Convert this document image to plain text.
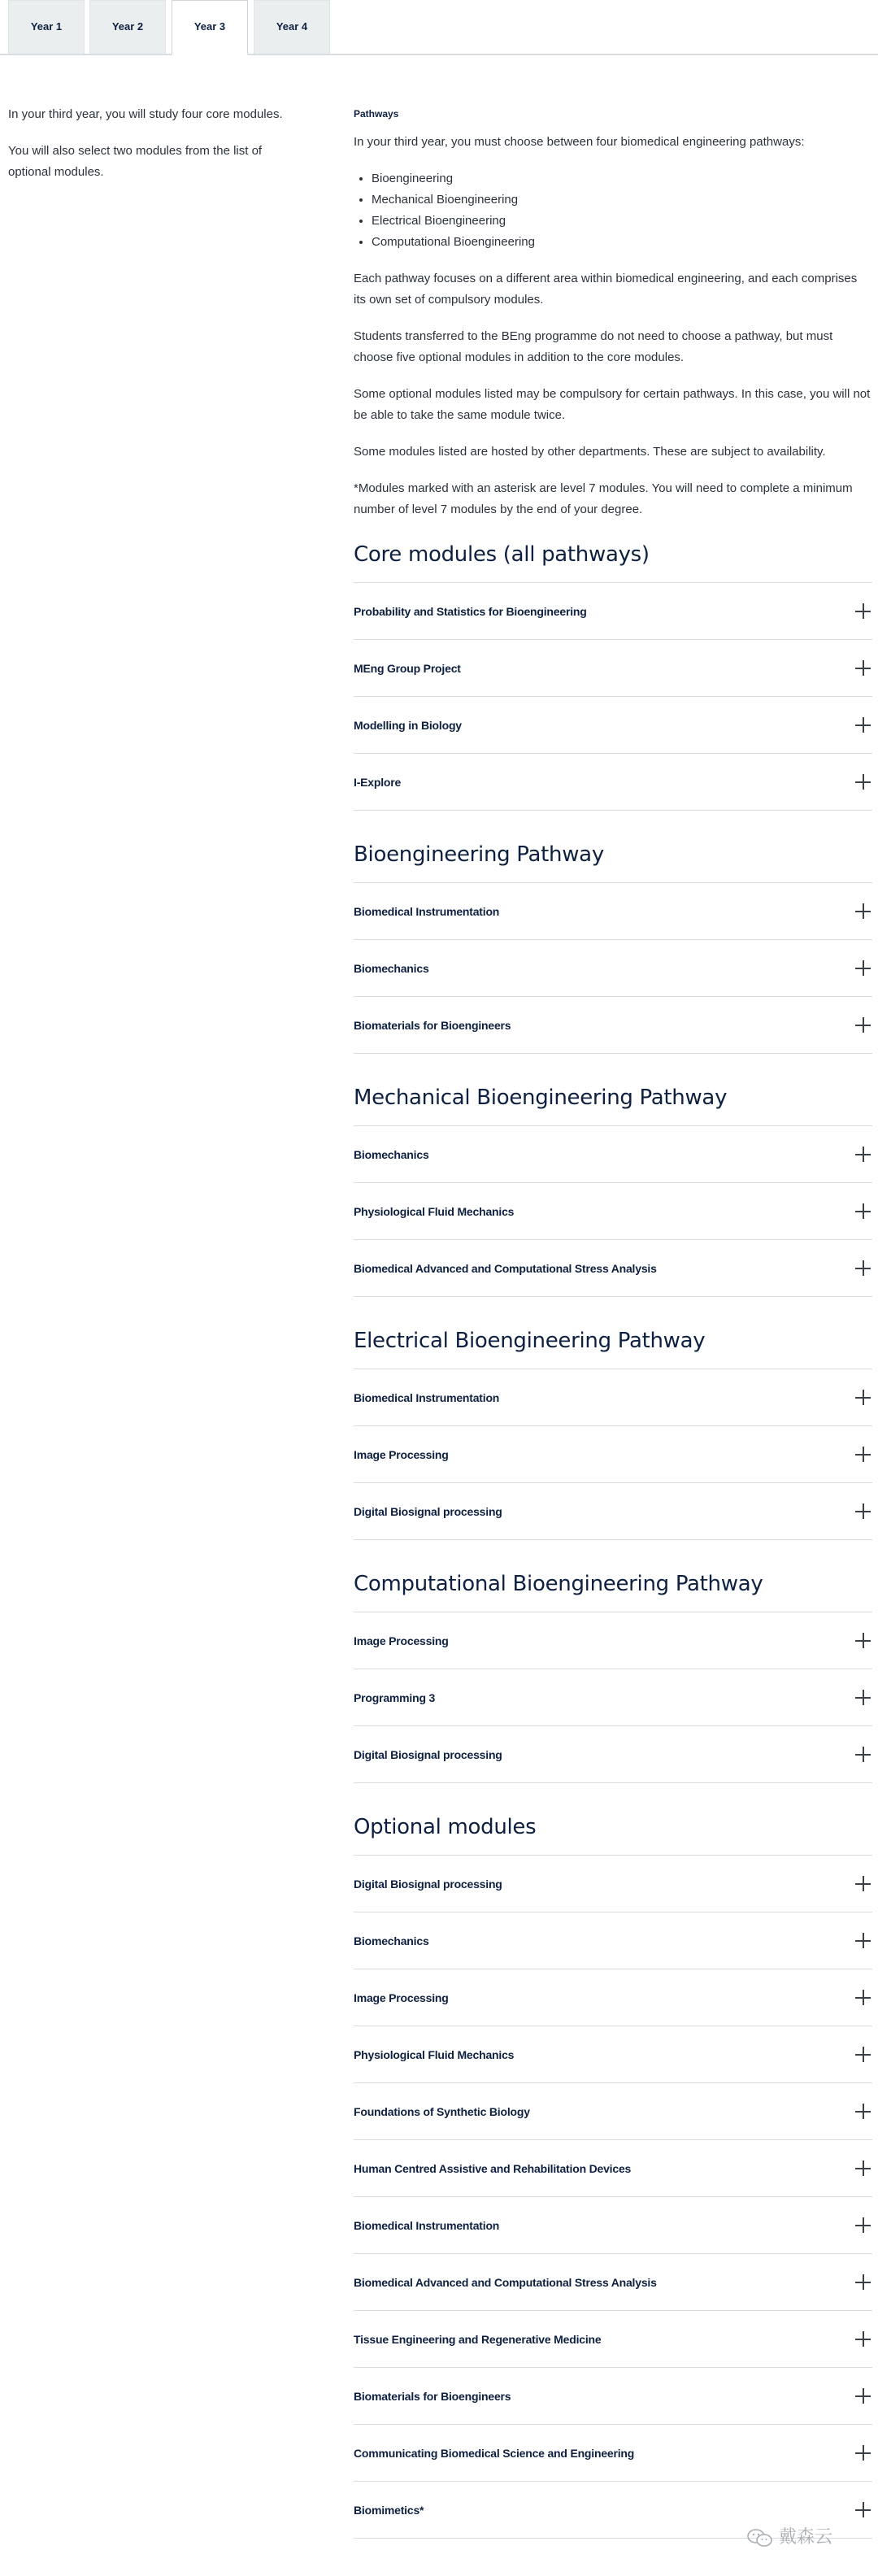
Year 1	Year 2	Year 3	Year 4

In your third year, you will study four core modules.

You will also select two modules from the list of optional modules.

Pathways

In your third year, you must choose between four biomedical engineering pathways:

• Bioengineering
• Mechanical Bioengineering
• Electrical Bioengineering
• Computational Bioengineering

Each pathway focuses on a different area within biomedical engineering, and each comprises its own set of compulsory modules.

Students transferred to the BEng programme do not need to choose a pathway, but must choose five optional modules in addition to the core modules.

Some optional modules listed may be compulsory for certain pathways. In this case, you will not be able to take the same module twice.

Some modules listed are hosted by other departments. These are subject to availability.

*Modules marked with an asterisk are level 7 modules. You will need to complete a minimum number of level 7 modules by the end of your degree.

Core modules (all pathways)
Probability and Statistics for Bioengineering
MEng Group Project
Modelling in Biology
I-Explore
Bioengineering Pathway
Biomedical Instrumentation
Biomechanics
Biomaterials for Bioengineers
Mechanical Bioengineering Pathway
Biomechanics
Physiological Fluid Mechanics
Biomedical Advanced and Computational Stress Analysis
Electrical Bioengineering Pathway
Biomedical Instrumentation
Image Processing
Digital Biosignal processing
Computational Bioengineering Pathway
Image Processing
Programming 3
Digital Biosignal processing
Optional modules
Digital Biosignal processing
Biomechanics
Image Processing
Physiological Fluid Mechanics
Foundations of Synthetic Biology
Human Centred Assistive and Rehabilitation Devices
Biomedical Instrumentation
Biomedical Advanced and Computational Stress Analysis
Tissue Engineering and Regenerative Medicine
Biomaterials for Bioengineers
Communicating Biomedical Science and Engineering
Biomimetics*
戴森云
